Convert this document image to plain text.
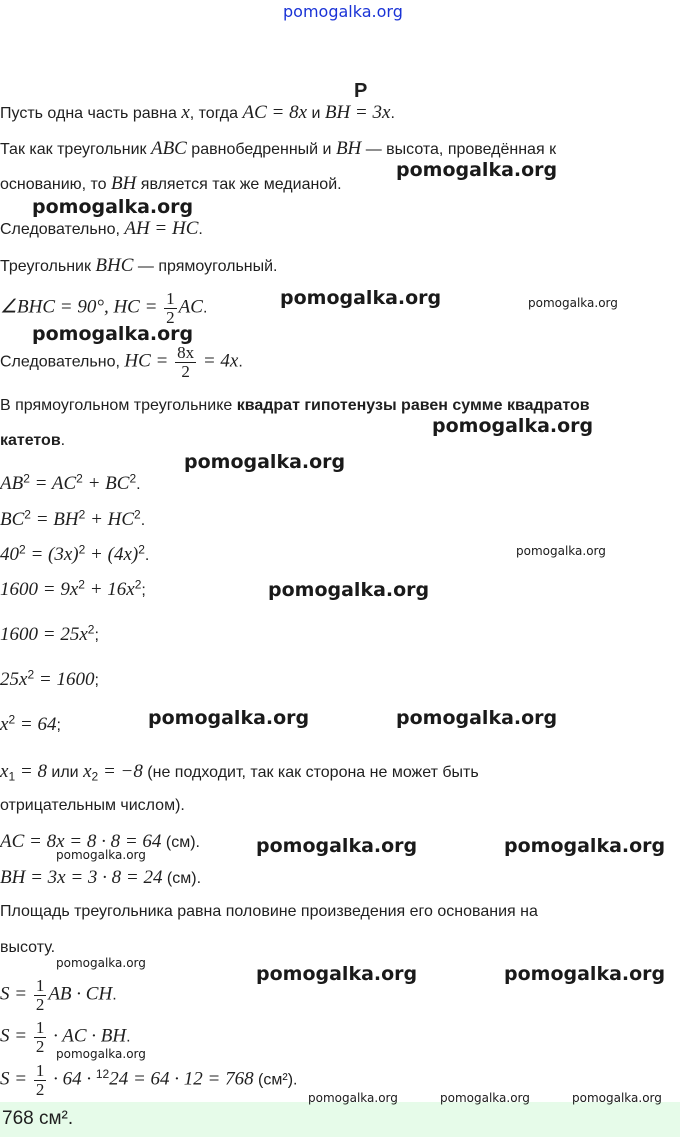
pomogalka.org
Р
Пусть одна часть равна x, тогда AC = 8x и BH = 3x.
Так как треугольник ABC равнобедренный и BH — высота, проведённая к
основанию, то BH является так же медианой.
Следовательно, AH = HC.
Треугольник BHC — прямоугольный.
∠BHC = 90°, HC = $\frac{1}{2}$ AC.
Следовательно, HC = $\frac{8x}{2} = 4x$.
В прямоугольном треугольнике квадрат гипотенузы равен сумме квадратов
катетов.
$AB^2 = AC^2 + BC^2$.
$BC^2 = BH^2 + HC^2$.
$40^2 = (3x)^2 + (4x)^2$.
$1600 = 9x^2 + 16x^2$;
$1600 = 25x^2$;
$25x^2 = 1600$;
$x^2 = 64$;
$x_1 = 8$ или $x_2 = -8$ (не подходит, так как сторона не может быть
отрицательным числом).
AC = 8x = 8 · 8 = 64 (см).
BH = 3x = 3 · 8 = 24 (см).
Площадь треугольника равна половине произведения его основания на
высоту.
$S = \frac{1}{2}$ AB · CH.
$S = \frac{1}{2}$ · AC · BH.
$S = \frac{1}{2} \cdot 64 \cdot ^{12}24 = 64 \cdot 12 = 768$ (см²).
768 см².
pomogalka.org
pomogalka.org
pomogalka.org	pomogalka.org
pomogalka.org
pomogalka.org
pomogalka.org
pomogalka.org
pomogalka.org
pomogalka.org	pomogalka.org
pomogalka.org	pomogalka.org
pomogalka.org
pomogalka.org	pomogalka.org	pomogalka.org
pomogalka.org
pomogalka.org	pomogalka.org	pomogalka.org
